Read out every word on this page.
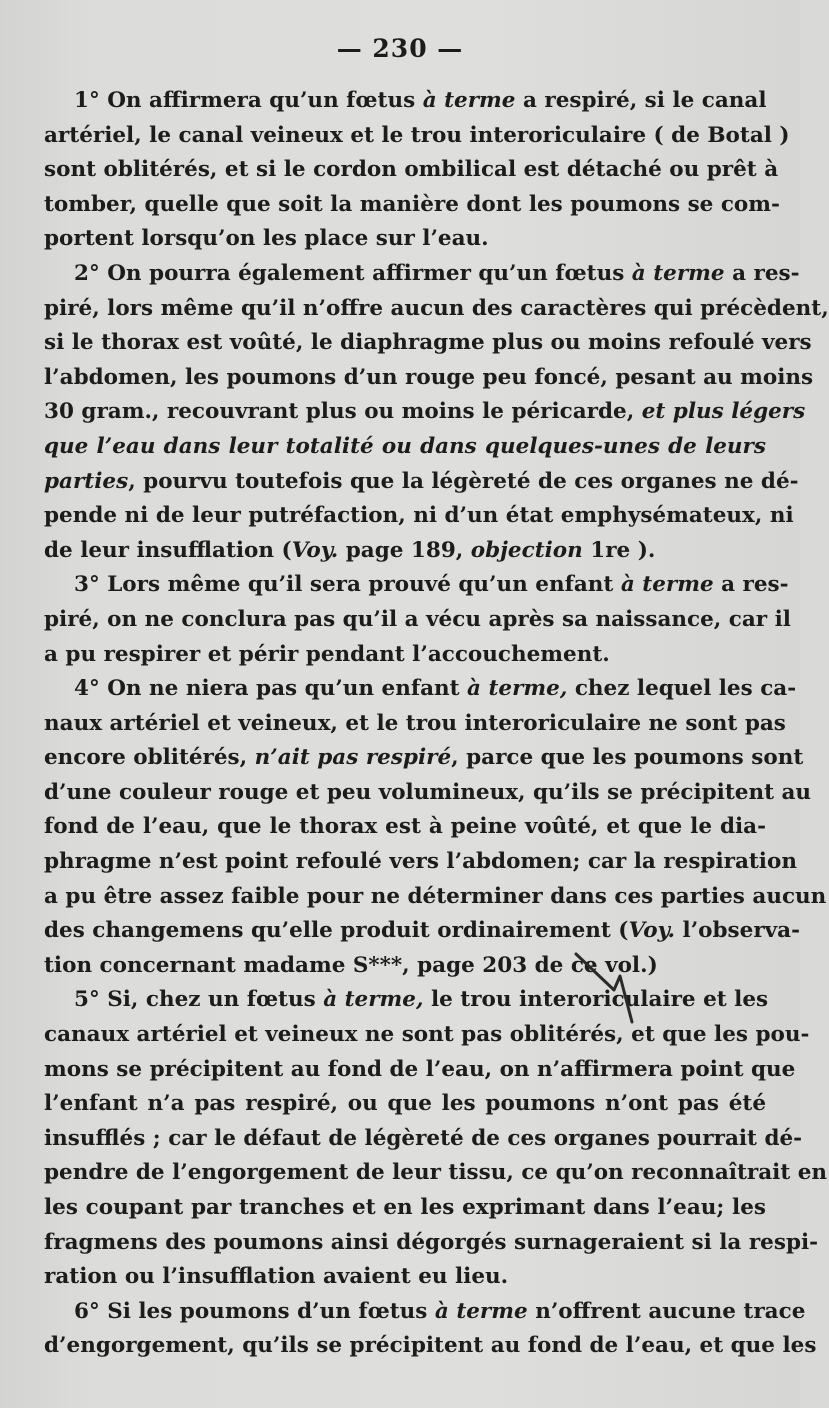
— 230 —
1° On affirmera qu’un fœtus à terme a respiré, si le canal
artériel, le canal veineux et le trou interoriculaire ( de Botal )
sont oblitérés, et si le cordon ombilical est détaché ou prêt à
tomber, quelle que soit la manière dont les poumons se com-
portent lorsqu’on les place sur l’eau.
2° On pourra également affirmer qu’un fœtus à terme a res-
piré, lors même qu’il n’offre aucun des caractères qui précèdent,
si le thorax est voûté, le diaphragme plus ou moins refoulé vers
l’abdomen, les poumons d’un rouge peu foncé, pesant au moins
30 gram., recouvrant plus ou moins le péricarde, et plus légers
que l’eau dans leur totalité ou dans quelques-unes de leurs
parties, pourvu toutefois que la légèreté de ces organes ne dé-
pende ni de leur putréfaction, ni d’un état emphysémateux, ni
de leur insufflation (Voy. page 189, objection 1re ).
3° Lors même qu’il sera prouvé qu’un enfant à terme a res-
piré, on ne conclura pas qu’il a vécu après sa naissance, car il
a pu respirer et périr pendant l’accouchement.
4° On ne niera pas qu’un enfant à terme, chez lequel les ca-
naux artériel et veineux, et le trou interoriculaire ne sont pas
encore oblitérés, n’ait pas respiré, parce que les poumons sont
d’une couleur rouge et peu volumineux, qu’ils se précipitent au
fond de l’eau, que le thorax est à peine voûté, et que le dia-
phragme n’est point refoulé vers l’abdomen; car la respiration
a pu être assez faible pour ne déterminer dans ces parties aucun
des changemens qu’elle produit ordinairement (Voy. l’observa-
tion concernant madame S***, page 203 de ce vol.)
5° Si, chez un fœtus à terme, le trou interoriculaire et les
canaux artériel et veineux ne sont pas oblitérés, et que les pou-
mons se précipitent au fond de l’eau, on n’affirmera point que
l’enfant n’a pas respiré, ou que les poumons n’ont pas été
insufflés ; car le défaut de légèreté de ces organes pourrait dé-
pendre de l’engorgement de leur tissu, ce qu’on reconnaîtrait en
les coupant par tranches et en les exprimant dans l’eau; les
fragmens des poumons ainsi dégorgés surnageraient si la respi-
ration ou l’insufflation avaient eu lieu.
6° Si les poumons d’un fœtus à terme n’offrent aucune trace
d’engorgement, qu’ils se précipitent au fond de l’eau, et que les
